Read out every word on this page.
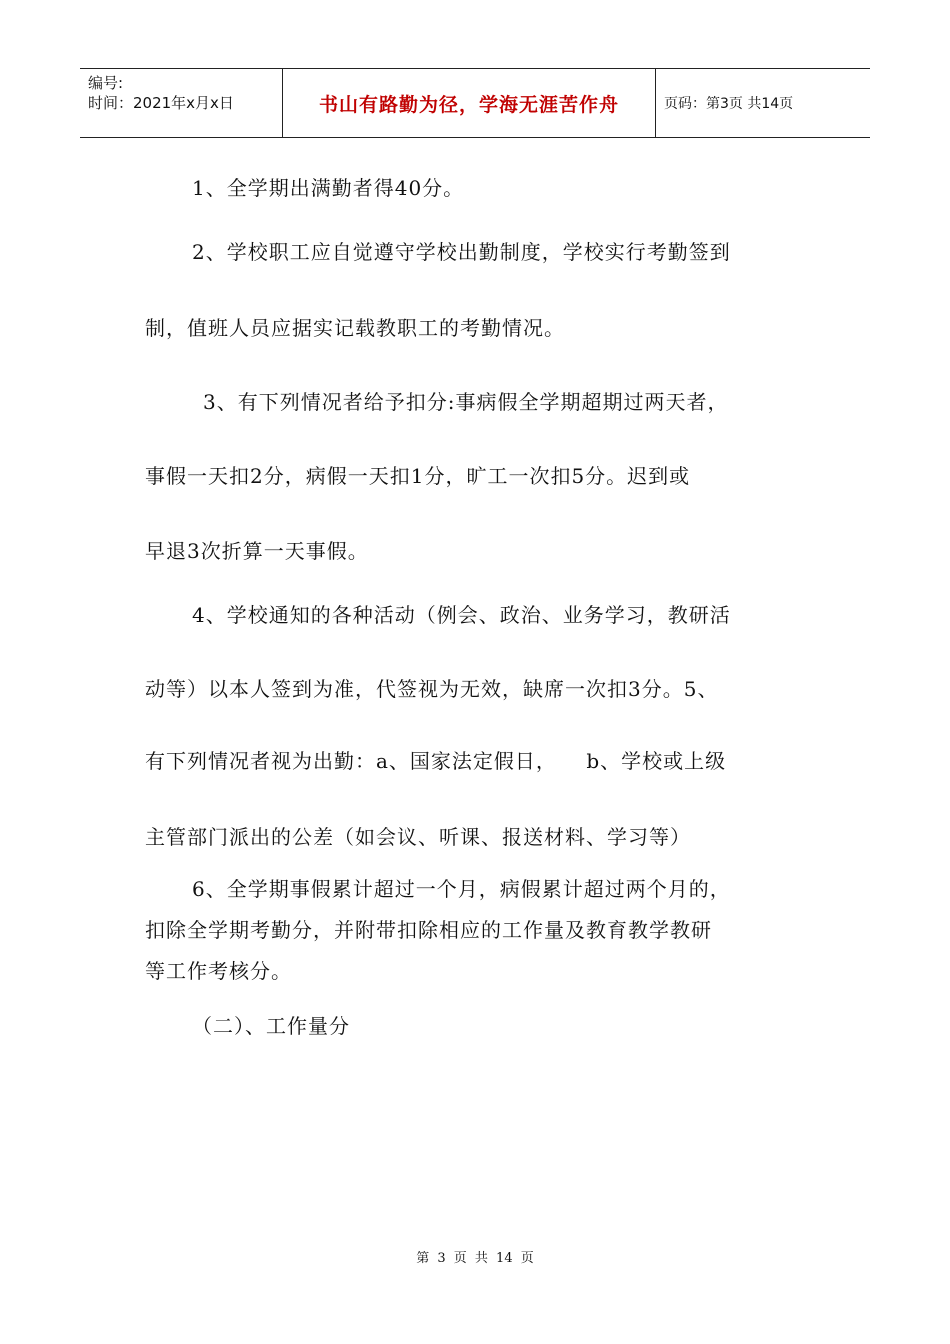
编号:
时间：2021年x月x日	书山有路勤为径，学海无涯苦作舟	页码：第3页 共14页
1、全学期出满勤者得40分。
2、学校职工应自觉遵守学校出勤制度，学校实行考勤签到
制，值班人员应据实记载教职工的考勤情况。
3、有下列情况者给予扣分:事病假全学期超期过两天者，
事假一天扣2分，病假一天扣1分，旷工一次扣5分。迟到或
早退3次折算一天事假。
4、学校通知的各种活动（例会、政治、业务学习，教研活
动等）以本人签到为准，代签视为无效，缺席一次扣3分。5、
有下列情况者视为出勤：a、国家法定假日，    b、学校或上级
主管部门派出的公差（如会议、听课、报送材料、学习等）
6、全学期事假累计超过一个月，病假累计超过两个月的，
扣除全学期考勤分，并附带扣除相应的工作量及教育教学教研
等工作考核分。
（二）、工作量分
第 3 页 共 14 页
